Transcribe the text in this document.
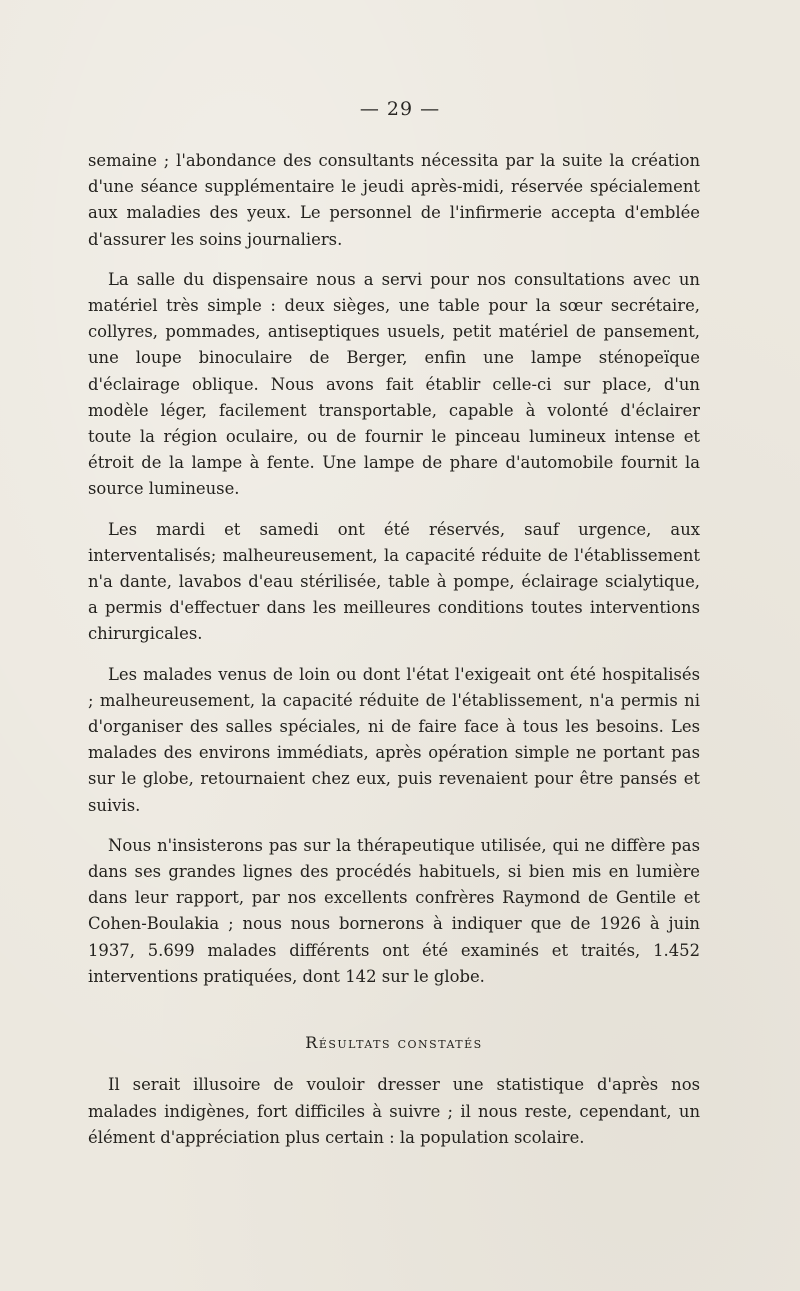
— 29 —

semaine ; l'abondance des consultants nécessita par la suite la création d'une séance supplémentaire le jeudi après-midi, réservée spécialement aux maladies des yeux. Le personnel de l'infirmerie accepta d'emblée d'assurer les soins journaliers.

La salle du dispensaire nous a servi pour nos consultations avec un matériel très simple : deux sièges, une table pour la sœur secrétaire, collyres, pommades, antiseptiques usuels, petit matériel de pansement, une loupe binoculaire de Berger, enfin une lampe sténopeïque d'éclairage oblique. Nous avons fait établir celle-ci sur place, d'un modèle léger, facilement transportable, capable à volonté d'éclairer toute la région oculaire, ou de fournir le pinceau lumineux intense et étroit de la lampe à fente. Une lampe de phare d'automobile fournit la source lumineuse.

Les mardi et samedi ont été réservés, sauf urgence, aux interventalisés; malheureusement, la capacité réduite de l'établissement n'a dante, lavabos d'eau stérilisée, table à pompe, éclairage scialytique, a permis d'effectuer dans les meilleures conditions toutes interventions chirurgicales.

Les malades venus de loin ou dont l'état l'exigeait ont été hospitalisés ; malheureusement, la capacité réduite de l'établissement, n'a permis ni d'organiser des salles spéciales, ni de faire face à tous les besoins. Les malades des environs immédiats, après opération simple ne portant pas sur le globe, retournaient chez eux, puis revenaient pour être pansés et suivis.

Nous n'insisterons pas sur la thérapeutique utilisée, qui ne diffère pas dans ses grandes lignes des procédés habituels, si bien mis en lumière dans leur rapport, par nos excellents confrères Raymond de Gentile et Cohen-Boulakia ; nous nous bornerons à indiquer que de 1926 à juin 1937, 5.699 malades différents ont été examinés et traités, 1.452 interventions pratiquées, dont 142 sur le globe.

Résultats constatés

Il serait illusoire de vouloir dresser une statistique d'après nos malades indigènes, fort difficiles à suivre ; il nous reste, cependant, un élément d'appréciation plus certain : la population scolaire.
